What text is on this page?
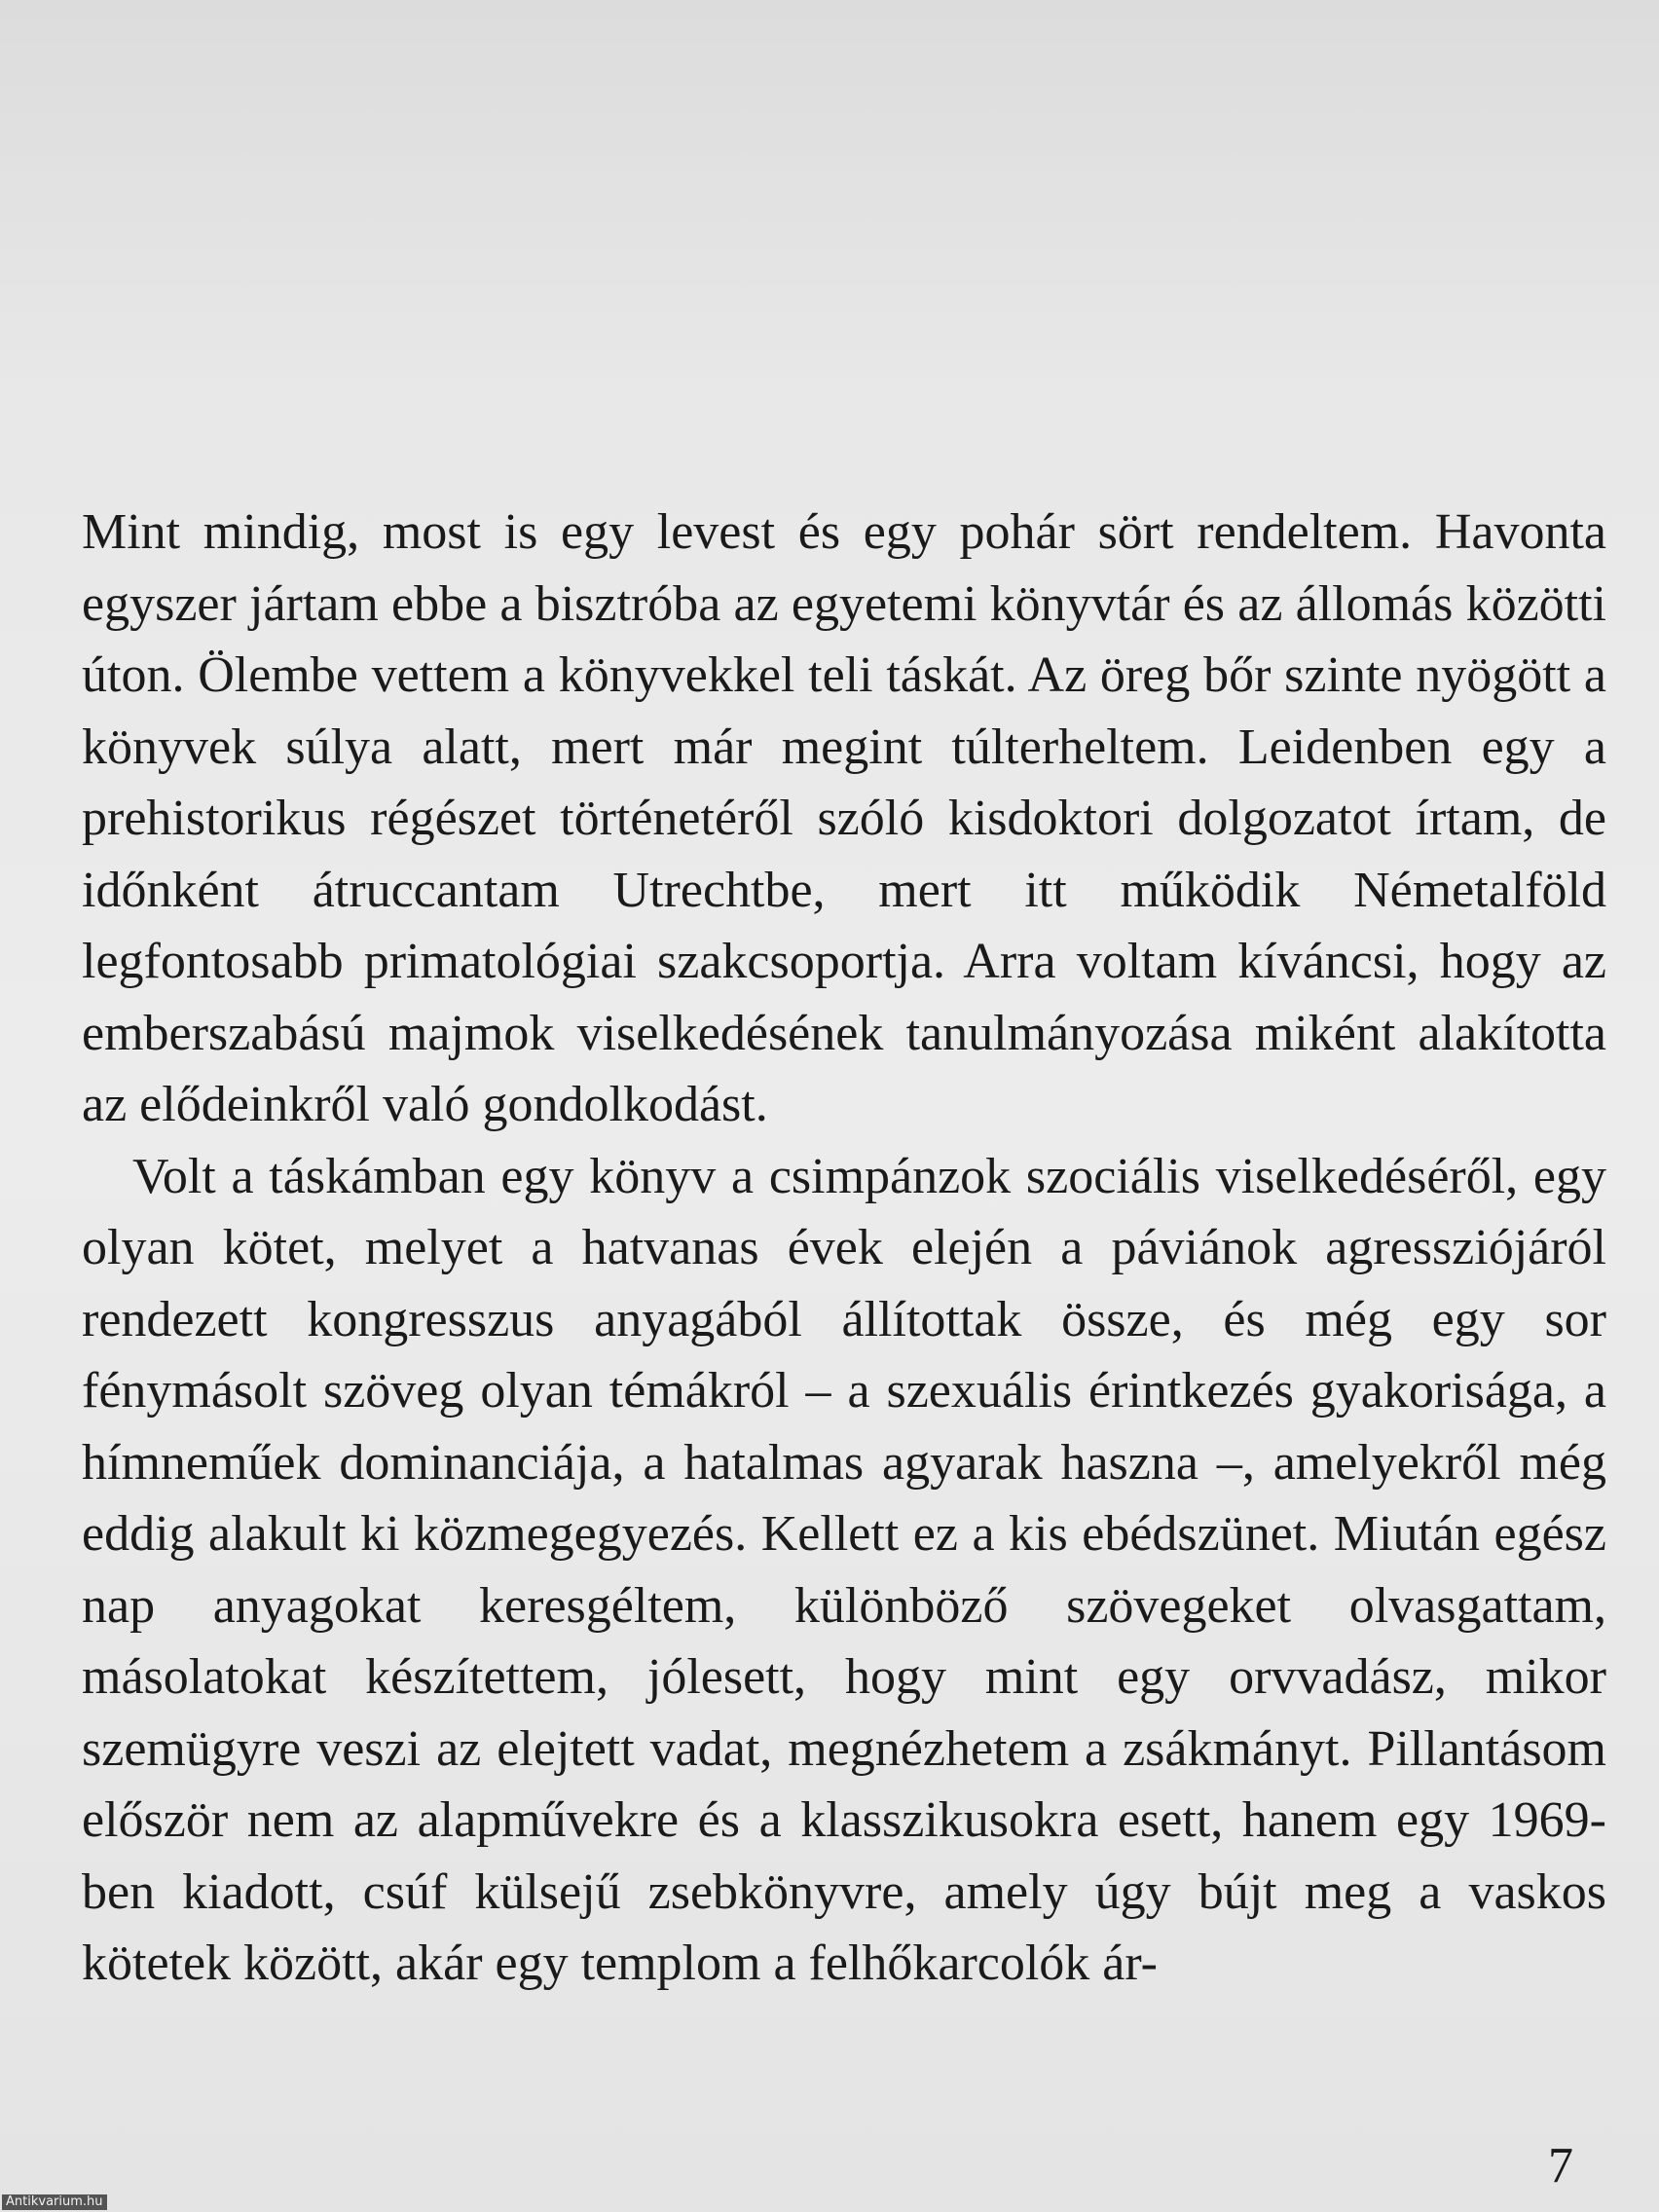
Mint mindig, most is egy levest és egy pohár sört rendeltem. Havonta egyszer jártam ebbe a bisztróba az egyetemi könyvtár és az állomás közötti úton. Ölembe vettem a könyvekkel teli táskát. Az öreg bőr szinte nyögött a könyvek súlya alatt, mert már megint túlterheltem. Leidenben egy a prehistorikus régészet történetéről szóló kisdoktori dolgozatot írtam, de időnként átruccantam Utrechtbe, mert itt működik Németalföld legfontosabb primatológiai szakcsoportja. Arra voltam kíváncsi, hogy az emberszabású majmok viselkedésének tanulmányozása miként alakította az elődeinkről való gondolkodást.

Volt a táskámban egy könyv a csimpánzok szociális viselkedéséről, egy olyan kötet, melyet a hatvanas évek elején a páviánok agressziójáról rendezett kongresszus anyagából állítottak össze, és még egy sor fénymásolt szöveg olyan témákról – a szexuális érintkezés gyakorisága, a hímneműek dominanciája, a hatalmas agyarak haszna –, amelyekről még eddig alakult ki közmegegyezés. Kellett ez a kis ebédszünet. Miután egész nap anyagokat keresgéltem, különböző szövegeket olvasgattam, másolatokat készítettem, jólesett, hogy mint egy orvvadász, mikor szemügyre veszi az elejtett vadat, megnézhetem a zsákmányt. Pillantásom először nem az alapművekre és a klasszikusokra esett, hanem egy 1969-ben kiadott, csúf külsejű zsebkönyvre, amely úgy bújt meg a vaskos kötetek között, akár egy templom a felhőkarcolók ár-

7
Antikvarium.hu
